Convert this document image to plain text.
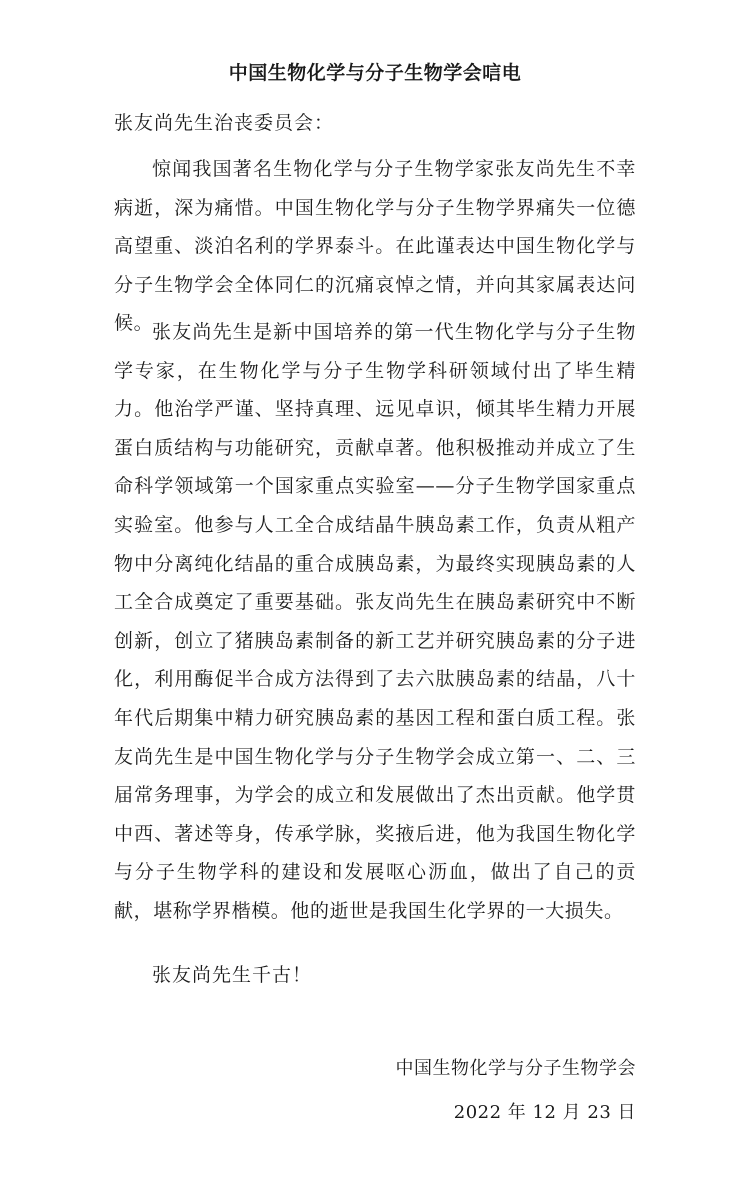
中国生物化学与分子生物学会唁电
张友尚先生治丧委员会：

惊闻我国著名生物化学与分子生物学家张友尚先生不幸病逝，深为痛惜。中国生物化学与分子生物学界痛失一位德高望重、淡泊名利的学界泰斗。在此谨表达中国生物化学与分子生物学会全体同仁的沉痛哀悼之情，并向其家属表达问候。

张友尚先生是新中国培养的第一代生物化学与分子生物学专家，在生物化学与分子生物学科研领域付出了毕生精力。他治学严谨、坚持真理、远见卓识，倾其毕生精力开展蛋白质结构与功能研究，贡献卓著。他积极推动并成立了生命科学领域第一个国家重点实验室——分子生物学国家重点实验室。他参与人工全合成结晶牛胰岛素工作，负责从粗产物中分离纯化结晶的重合成胰岛素，为最终实现胰岛素的人工全合成奠定了重要基础。张友尚先生在胰岛素研究中不断创新，创立了猪胰岛素制备的新工艺并研究胰岛素的分子进化，利用酶促半合成方法得到了去六肽胰岛素的结晶，八十年代后期集中精力研究胰岛素的基因工程和蛋白质工程。张友尚先生是中国生物化学与分子生物学会成立第一、二、三届常务理事，为学会的成立和发展做出了杰出贡献。他学贯中西、著述等身，传承学脉，奖掖后进，他为我国生物化学与分子生物学科的建设和发展呕心沥血，做出了自己的贡献，堪称学界楷模。他的逝世是我国生化学界的一大损失。

张友尚先生千古！
中国生物化学与分子生物学会
2022 年 12 月 23 日
